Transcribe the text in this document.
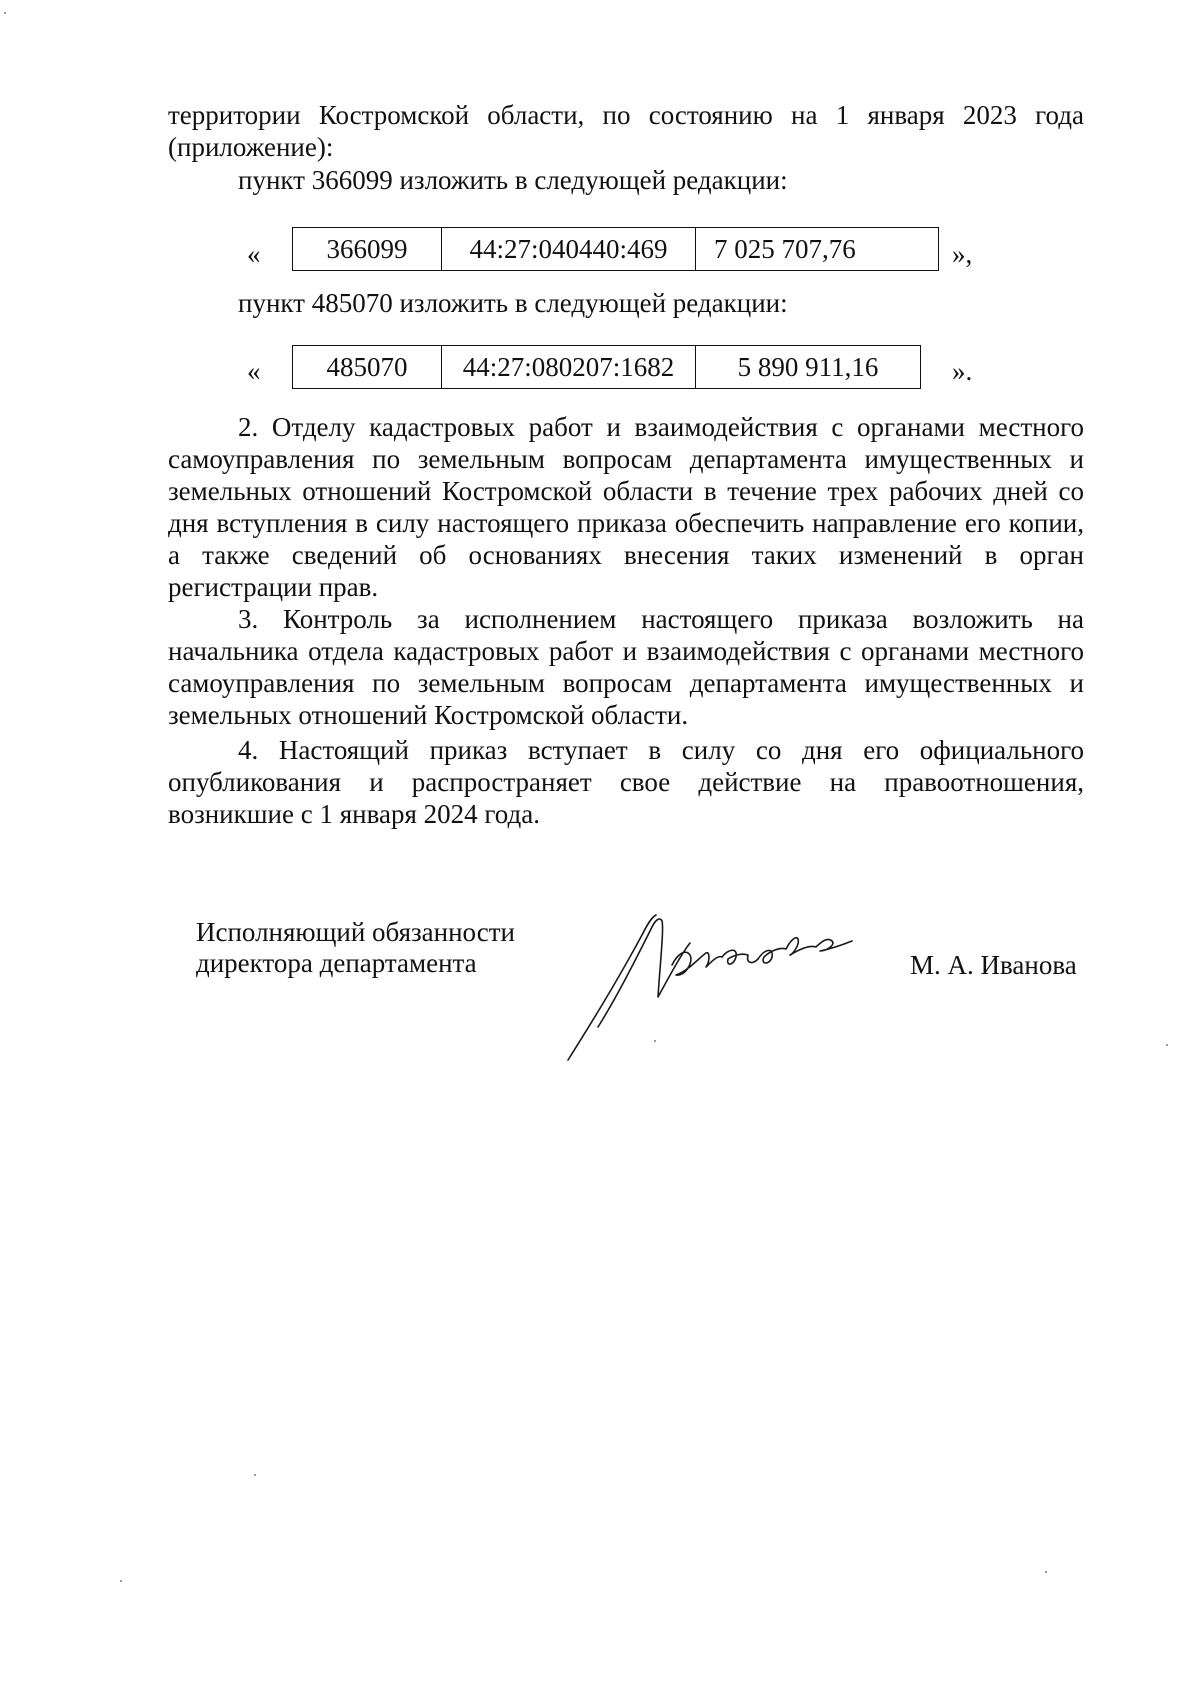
территории Костромской области, по состоянию на 1 января 2023 года (приложение):
пункт 366099 изложить в следующей редакции:
« 366099	44:27:040440:469	7 025 707,76	»,
пункт 485070 изложить в следующей редакции:
« 485070	44:27:080207:1682	5 890 911,16	».
2. Отделу кадастровых работ и взаимодействия с органами местного самоуправления по земельным вопросам департамента имущественных и земельных отношений Костромской области в течение трех рабочих дней со дня вступления в силу настоящего приказа обеспечить направление его копии, а также сведений об основаниях внесения таких изменений в орган регистрации прав.
3. Контроль за исполнением настоящего приказа возложить на начальника отдела кадастровых работ и взаимодействия с органами местного самоуправления по земельным вопросам департамента имущественных и земельных отношений Костромской области.
4. Настоящий приказ вступает в силу со дня его официального опубликования и распространяет свое действие на правоотношения, возникшие с 1 января 2024 года.
Исполняющий обязанности
директора департамента	М. А. Иванова
